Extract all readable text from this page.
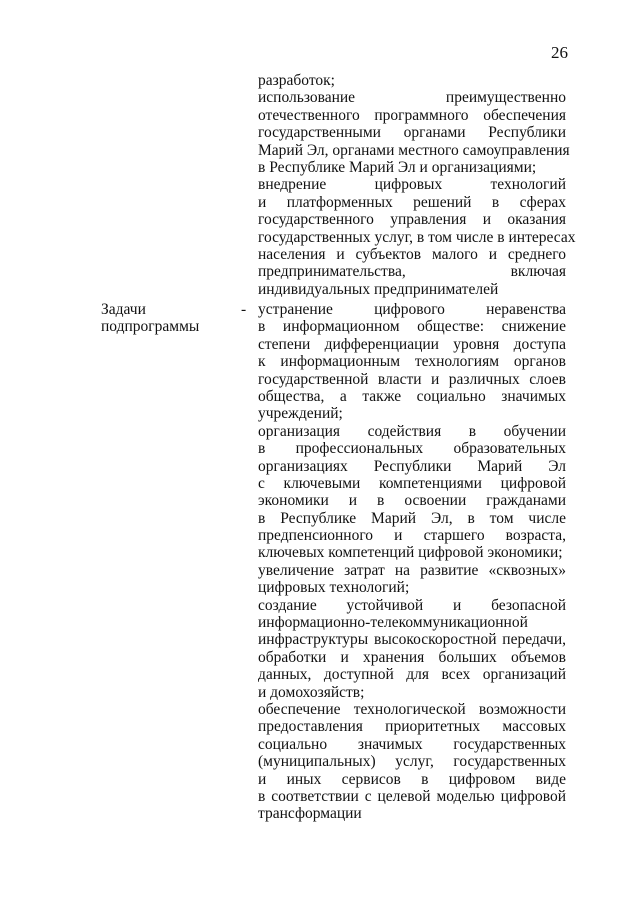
26
разработок;
использование преимущественно
отечественного программного обеспечения
государственными органами Республики
Марий Эл, органами местного самоуправления
в Республике Марий Эл и организациями;
внедрение цифровых технологий
и платформенных решений в сферах
государственного управления и оказания
государственных услуг, в том числе в интересах
населения и субъектов малого и среднего
предпринимательства, включая
индивидуальных предпринимателей
Задачи
подпрограммы
- устранение цифрового неравенства
в информационном обществе: снижение
степени дифференциации уровня доступа
к информационным технологиям органов
государственной власти и различных слоев
общества, а также социально значимых
учреждений;
организация содействия в обучении
в профессиональных образовательных
организациях Республики Марий Эл
с ключевыми компетенциями цифровой
экономики и в освоении гражданами
в Республике Марий Эл, в том числе
предпенсионного и старшего возраста,
ключевых компетенций цифровой экономики;
увеличение затрат на развитие «сквозных»
цифровых технологий;
создание устойчивой и безопасной
информационно-телекоммуникационной
инфраструктуры высокоскоростной передачи,
обработки и хранения больших объемов
данных, доступной для всех организаций
и домохозяйств;
обеспечение технологической возможности
предоставления приоритетных массовых
социально значимых государственных
(муниципальных) услуг, государственных
и иных сервисов в цифровом виде
в соответствии с целевой моделью цифровой
трансформации
